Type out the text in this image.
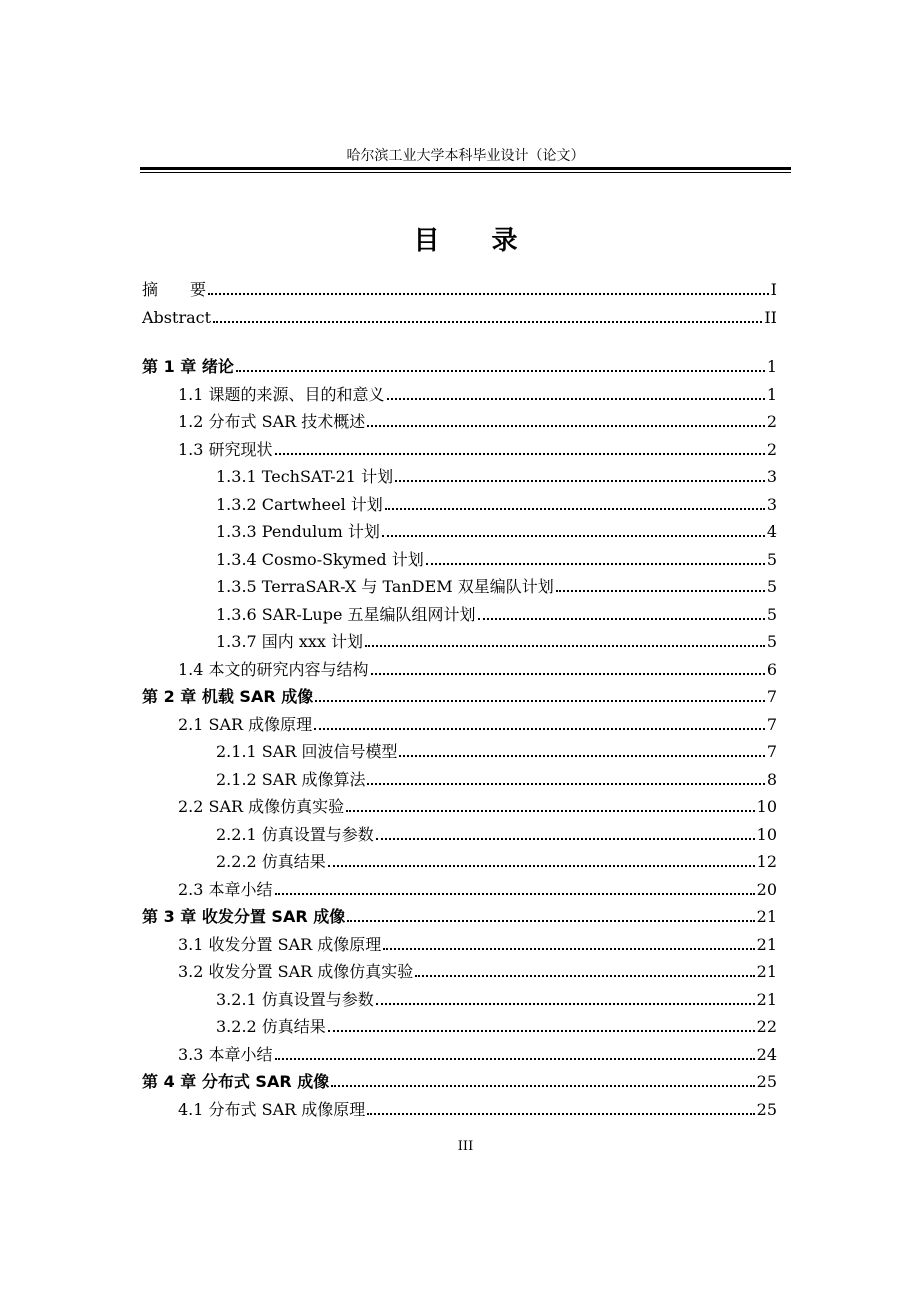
哈尔滨工业大学本科毕业设计（论文）
目　　录
摘　　要	I
Abstract	II
第 1 章 绪论	1
1.1 课题的来源、目的和意义	1
1.2 分布式 SAR 技术概述	2
1.3 研究现状	2
1.3.1 TechSAT-21 计划	3
1.3.2 Cartwheel 计划	3
1.3.3 Pendulum 计划	4
1.3.4 Cosmo-Skymed 计划	5
1.3.5 TerraSAR-X 与 TanDEM 双星编队计划	5
1.3.6 SAR-Lupe 五星编队组网计划	5
1.3.7 国内 xxx 计划	5
1.4 本文的研究内容与结构	6
第 2 章 机载 SAR 成像	7
2.1 SAR 成像原理	7
2.1.1 SAR 回波信号模型	7
2.1.2 SAR 成像算法	8
2.2 SAR 成像仿真实验	10
2.2.1 仿真设置与参数	10
2.2.2 仿真结果	12
2.3 本章小结	20
第 3 章 收发分置 SAR 成像	21
3.1 收发分置 SAR 成像原理	21
3.2 收发分置 SAR 成像仿真实验	21
3.2.1 仿真设置与参数	21
3.2.2 仿真结果	22
3.3 本章小结	24
第 4 章 分布式 SAR 成像	25
4.1 分布式 SAR 成像原理	25
III
